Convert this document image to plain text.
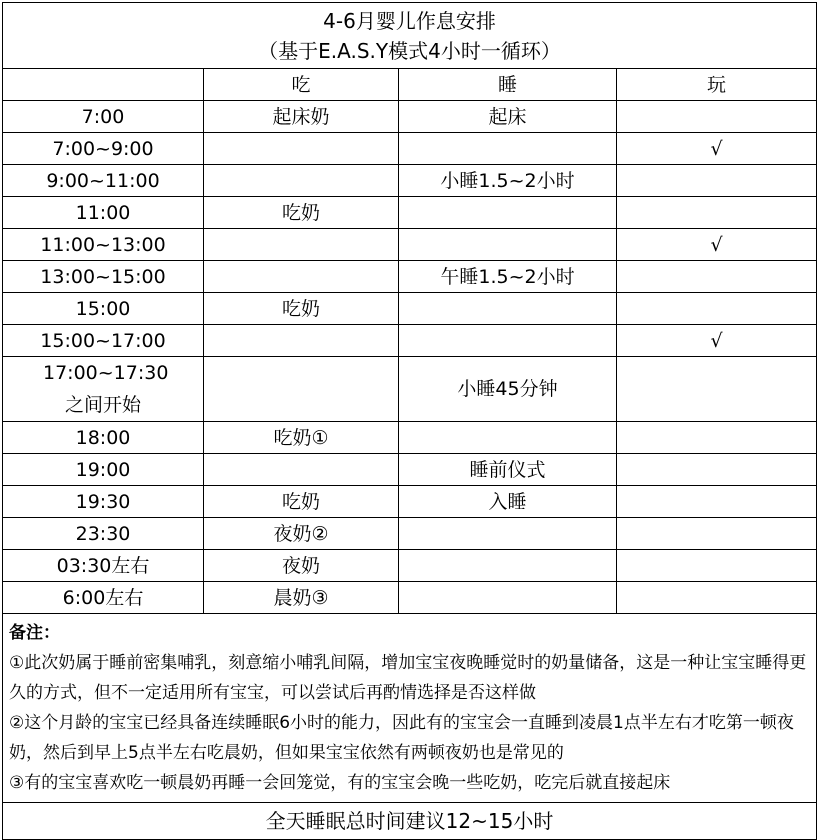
4-6月婴儿作息安排
（基于E.A.S.Y模式4小时一循环）			

	吃	睡	玩
7:00	起床奶	起床	
7:00~9:00			√
9:00~11:00		小睡1.5~2小时	
11:00	吃奶		
11:00~13:00			√
13:00~15:00		午睡1.5~2小时	
15:00	吃奶		
15:00~17:00			√
17:00~17:30之间开始		小睡45分钟	
18:00	吃奶①		
19:00		睡前仪式	
19:30	吃奶	入睡	
23:30	夜奶②		
03:30左右	夜奶		
6:00左右	晨奶③		

备注：
①此次奶属于睡前密集哺乳，刻意缩小哺乳间隔，增加宝宝夜晚睡觉时的奶量储备，这是一种让宝宝睡得更久的方式，但不一定适用所有宝宝，可以尝试后再酌情选择是否这样做
②这个月龄的宝宝已经具备连续睡眠6小时的能力，因此有的宝宝会一直睡到凌晨1点半左右才吃第一顿夜奶，然后到早上5点半左右吃晨奶，但如果宝宝依然有两顿夜奶也是常见的
③有的宝宝喜欢吃一顿晨奶再睡一会回笼觉，有的宝宝会晚一些吃奶，吃完后就直接起床			

全天睡眠总时间建议12~15小时			
